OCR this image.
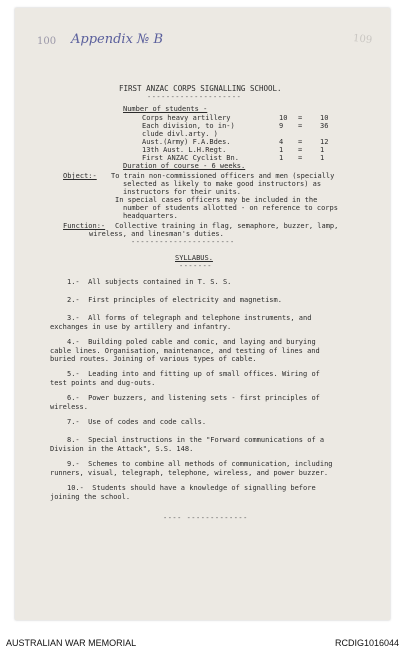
100 Appendix № B	109
FIRST ANZAC CORPS SIGNALLING SCHOOL.
--------------------
Number of students -
Corps heavy artillery	10 =	10
Each division, to in-)	9 =	36
clude divl.arty. )
Aust.(Army) F.A.Bdes.	4 =	12
13th Aust. L.H.Regt.	1 =	1
First ANZAC Cyclist Bn.	1 =	1
Duration of course - 6 weeks.
Object:- To train non-commissioned officers and men (specially
selected as likely to make good instructors) as
instructors for their units.
In special cases officers may be included in the
number of students allotted - on reference to corps
headquarters.
Function:- Collective training in flag, semaphore, buzzer, lamp,
wireless, and linesman's duties.
----------------------
SYLLABUS.
-------
1.- All subjects contained in T. S. S.
2.- First principles of electricity and magnetism.
3.- All forms of telegraph and telephone instruments, and
exchanges in use by artillery and infantry.
4.- Building poled cable and comic, and laying and burying
cable lines. Organisation, maintenance, and testing of lines and
buried routes. Joining of various types of cable.
5.- Leading into and fitting up of small offices. Wiring of
test points and dug-outs.
6.- Power buzzers, and listening sets - first principles of
wireless.
7.- Use of codes and code calls.
8.- Special instructions in the "Forward communications of a
Division in the Attack", S.S. 148.
9.- Schemes to combine all methods of communication, including
runners, visual, telegraph, telephone, wireless, and power buzzer.
10.- Students should have a knowledge of signalling before
joining the school.
---- -------------
AUSTRALIAN WAR MEMORIAL	RCDIG1016044
